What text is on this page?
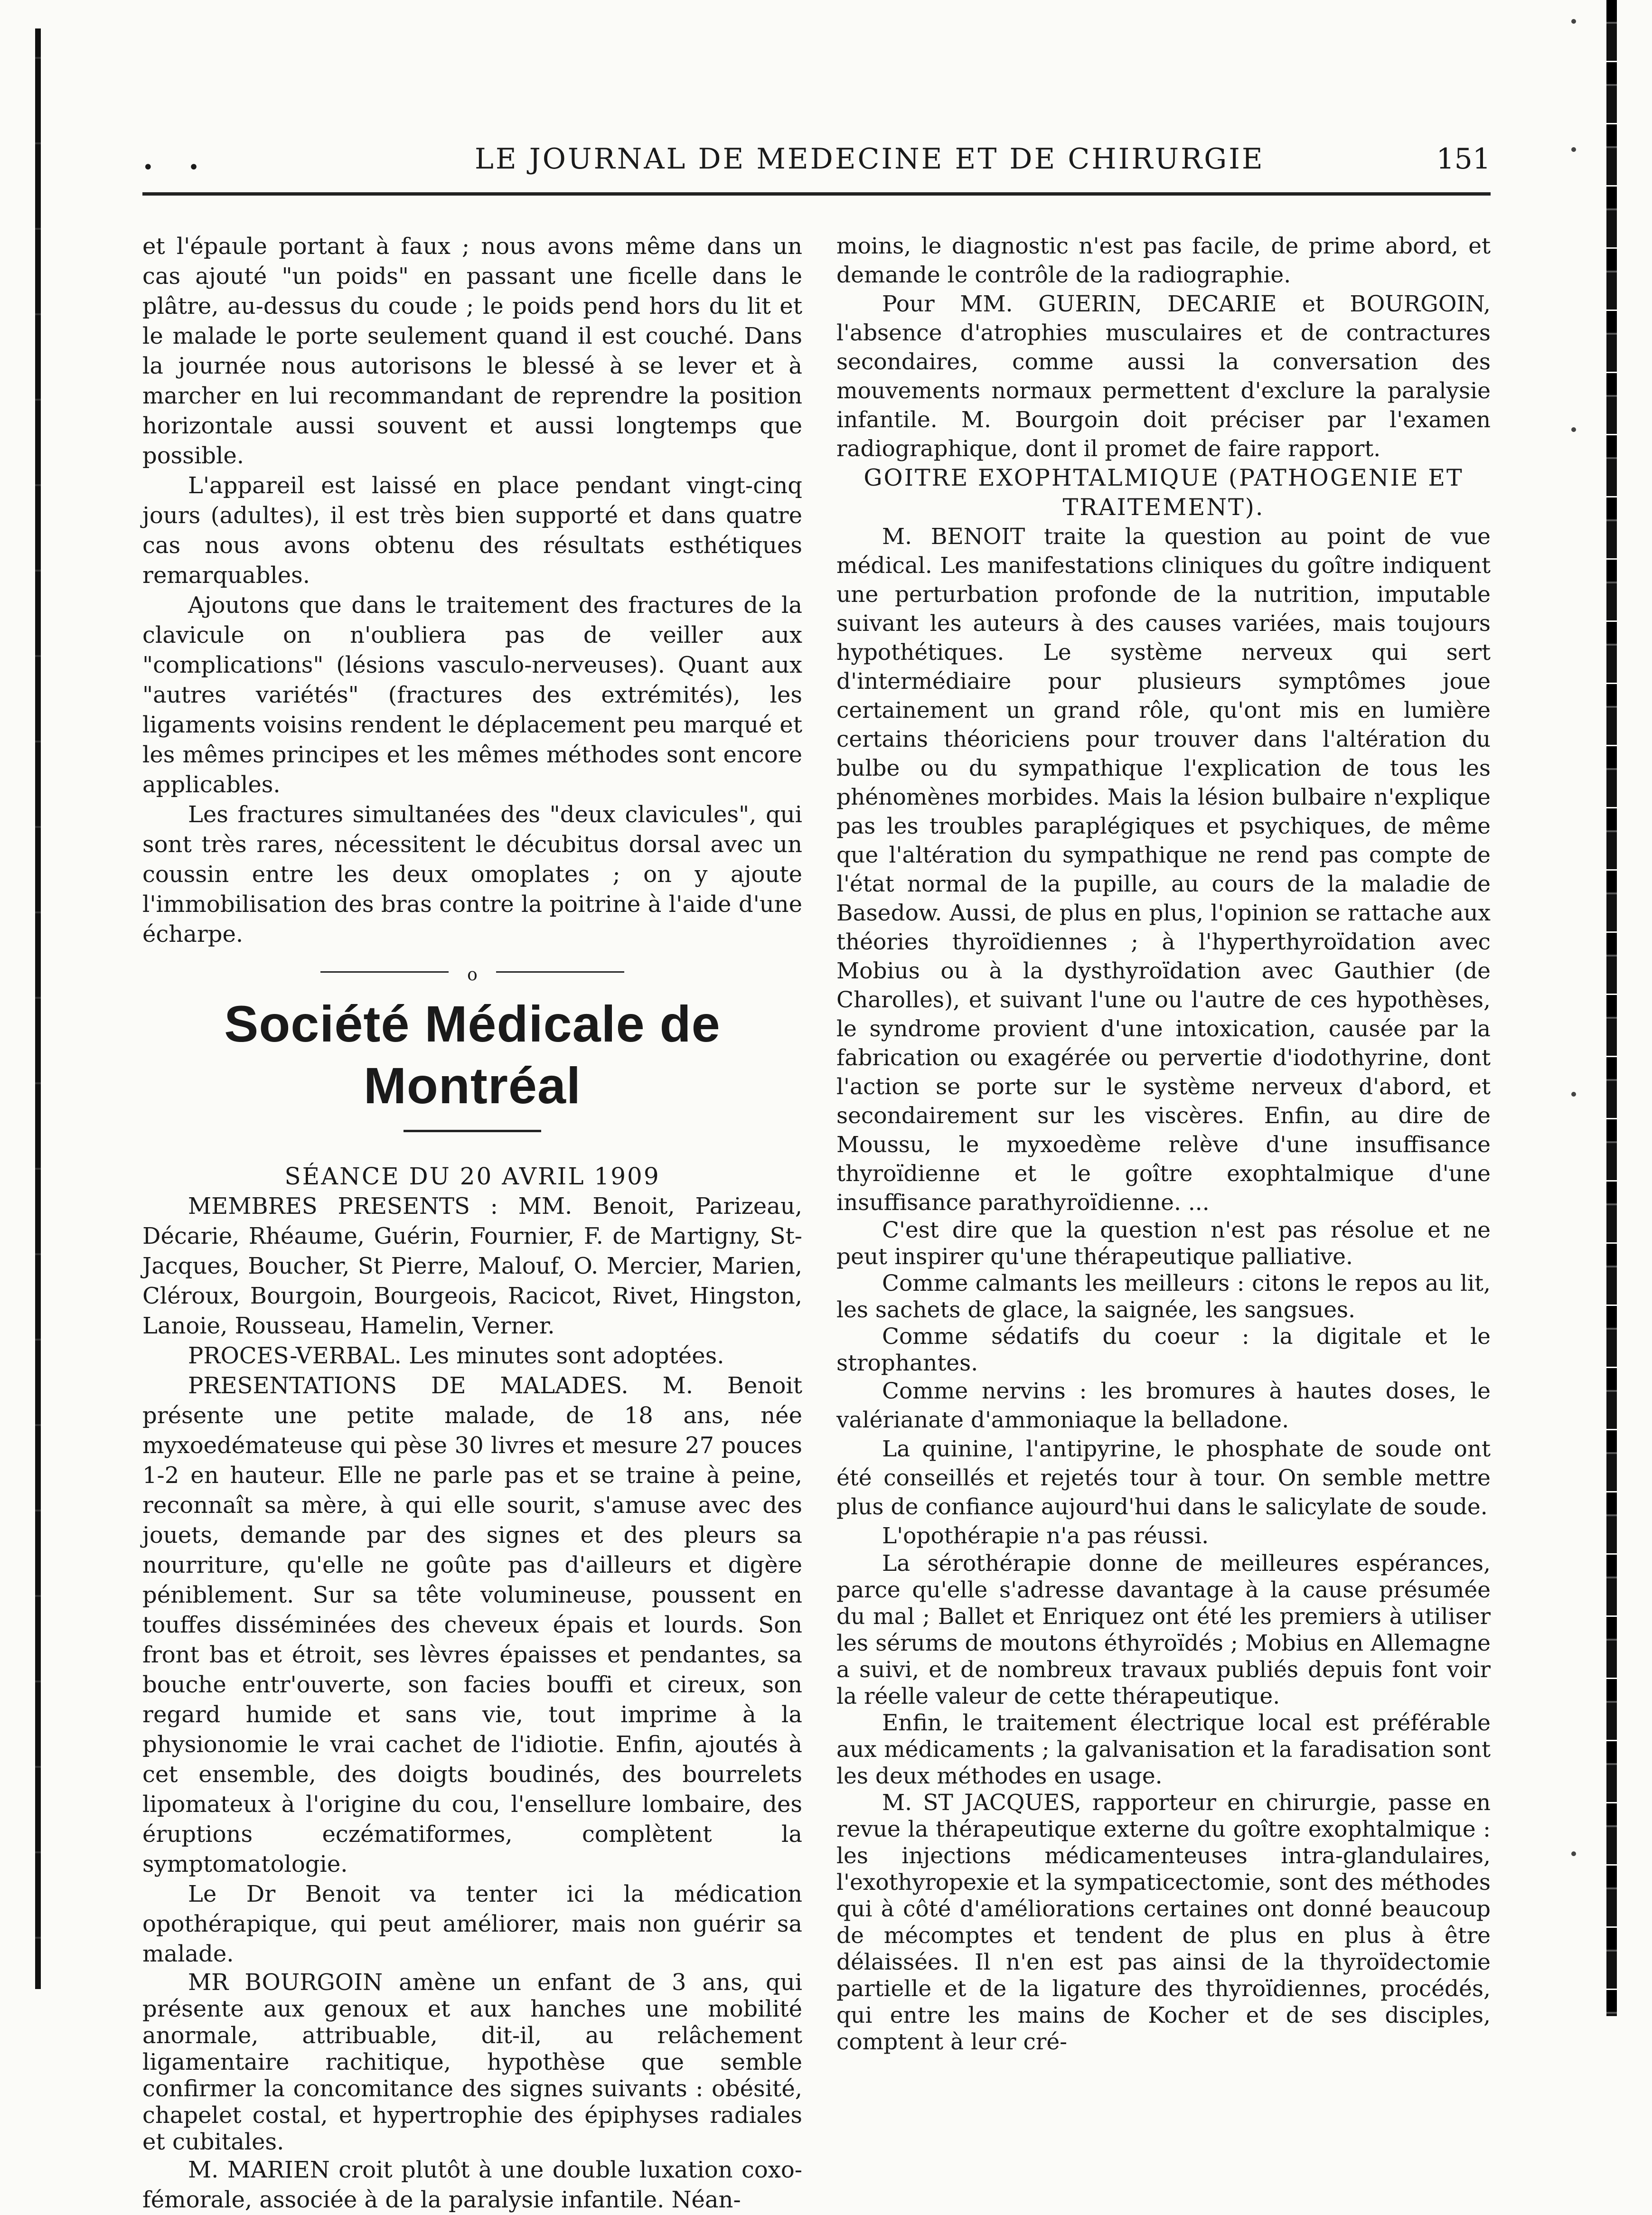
• •	LE JOURNAL DE MEDECINE ET DE CHIRURGIE	151

et l'épaule portant à faux ; nous avons même dans un cas ajouté "un poids" en passant une ficelle dans le plâtre, au-dessus du coude ; le poids pend hors du lit et le malade le porte seulement quand il est couché. Dans la journée nous autorisons le blessé à se lever et à marcher en lui recommandant de reprendre la position horizontale aussi souvent et aussi longtemps que possible.

L'appareil est laissé en place pendant vingt-cinq jours (adultes), il est très bien supporté et dans quatre cas nous avons obtenu des résultats esthétiques remarquables.

Ajoutons que dans le traitement des fractures de la clavicule on n'oubliera pas de veiller aux "complications" (lésions vasculo-nerveuses). Quant aux "autres variétés" (fractures des extrémités), les ligaments voisins rendent le déplacement peu marqué et les mêmes principes et les mêmes méthodes sont encore applicables.

Les fractures simultanées des "deux clavicules", qui sont très rares, nécessitent le décubitus dorsal avec un coussin entre les deux omoplates ; on y ajoute l'immobilisation des bras contre la poitrine à l'aide d'une écharpe.

o
Société Médicale de Montréal

SÉANCE DU 20 AVRIL 1909

MEMBRES PRESENTS : MM. Benoit, Parizeau, Décarie, Rhéaume, Guérin, Fournier, F. de Martigny, St-Jacques, Boucher, St Pierre, Malouf, O. Mercier, Marien, Cléroux, Bourgoin, Bourgeois, Racicot, Rivet, Hingston, Lanoie, Rousseau, Hamelin, Verner.

PROCES-VERBAL. Les minutes sont adoptées.

PRESENTATIONS DE MALADES. M. Benoit présente une petite malade, de 18 ans, née myxoedémateuse qui pèse 30 livres et mesure 27 pouces 1-2 en hauteur. Elle ne parle pas et se traine à peine, reconnaît sa mère, à qui elle sourit, s'amuse avec des jouets, demande par des signes et des pleurs sa nourriture, qu'elle ne goûte pas d'ailleurs et digère péniblement. Sur sa tête volumineuse, poussent en touffes disséminées des cheveux épais et lourds. Son front bas et étroit, ses lèvres épaisses et pendantes, sa bouche entr'ouverte, son facies bouffi et cireux, son regard humide et sans vie, tout imprime à la physionomie le vrai cachet de l'idiotie. Enfin, ajoutés à cet ensemble, des doigts boudinés, des bourrelets lipomateux à l'origine du cou, l'ensellure lombaire, des éruptions eczématiformes, complètent la symptomatologie.

Le Dr Benoit va tenter ici la médication opothérapique, qui peut améliorer, mais non guérir sa malade.

MR BOURGOIN amène un enfant de 3 ans, qui présente aux genoux et aux hanches une mobilité anormale, attribuable, dit-il, au relâchement ligamentaire rachitique, hypothèse que semble confirmer la concomitance des signes suivants : obésité, chapelet costal, et hypertrophie des épiphyses radiales et cubitales.

M. MARIEN croit plutôt à une double luxation coxo-fémorale, associée à de la paralysie infantile. Néan-

moins, le diagnostic n'est pas facile, de prime abord, et demande le contrôle de la radiographie.

Pour MM. GUERIN, DECARIE et BOURGOIN, l'absence d'atrophies musculaires et de contractures secondaires, comme aussi la conversation des mouvements normaux permettent d'exclure la paralysie infantile. M. Bourgoin doit préciser par l'examen radiographique, dont il promet de faire rapport.

GOITRE EXOPHTALMIQUE (PATHOGENIE ET TRAITEMENT).

M. BENOIT traite la question au point de vue médical. Les manifestations cliniques du goître indiquent une perturbation profonde de la nutrition, imputable suivant les auteurs à des causes variées, mais toujours hypothétiques. Le système nerveux qui sert d'intermédiaire pour plusieurs symptômes joue certainement un grand rôle, qu'ont mis en lumière certains théoriciens pour trouver dans l'altération du bulbe ou du sympathique l'explication de tous les phénomènes morbides. Mais la lésion bulbaire n'explique pas les troubles paraplégiques et psychiques, de même que l'altération du sympathique ne rend pas compte de l'état normal de la pupille, au cours de la maladie de Basedow. Aussi, de plus en plus, l'opinion se rattache aux théories thyroïdiennes ; à l'hyperthyroïdation avec Mobius ou à la dysthyroïdation avec Gauthier (de Charolles), et suivant l'une ou l'autre de ces hypothèses, le syndrome provient d'une intoxication, causée par la fabrication ou exagérée ou pervertie d'iodothyrine, dont l'action se porte sur le système nerveux d'abord, et secondairement sur les viscères. Enfin, au dire de Moussu, le myxoedème relève d'une insuffisance thyroïdienne et le goître exophtalmique d'une insuffisance parathyroïdienne. ...

C'est dire que la question n'est pas résolue et ne peut inspirer qu'une thérapeutique palliative.

Comme calmants les meilleurs : citons le repos au lit, les sachets de glace, la saignée, les sangsues.

Comme sédatifs du coeur : la digitale et le strophantes.

Comme nervins : les bromures à hautes doses, le valérianate d'ammoniaque la belladone.

La quinine, l'antipyrine, le phosphate de soude ont été conseillés et rejetés tour à tour. On semble mettre plus de confiance aujourd'hui dans le salicylate de soude.

L'opothérapie n'a pas réussi.

La sérothérapie donne de meilleures espérances, parce qu'elle s'adresse davantage à la cause présumée du mal ; Ballet et Enriquez ont été les premiers à utiliser les sérums de moutons éthyroïdés ; Mobius en Allemagne a suivi, et de nombreux travaux publiés depuis font voir la réelle valeur de cette thérapeutique.

Enfin, le traitement électrique local est préférable aux médicaments ; la galvanisation et la faradisation sont les deux méthodes en usage.

M. ST JACQUES, rapporteur en chirurgie, passe en revue la thérapeutique externe du goître exophtalmique : les injections médicamenteuses intra-glandulaires, l'exothyropexie et la sympaticectomie, sont des méthodes qui à côté d'améliorations certaines ont donné beaucoup de mécomptes et tendent de plus en plus à être délaissées. Il n'en est pas ainsi de la thyroïdectomie partielle et de la ligature des thyroïdiennes, procédés, qui entre les mains de Kocher et de ses disciples, comptent à leur cré-
